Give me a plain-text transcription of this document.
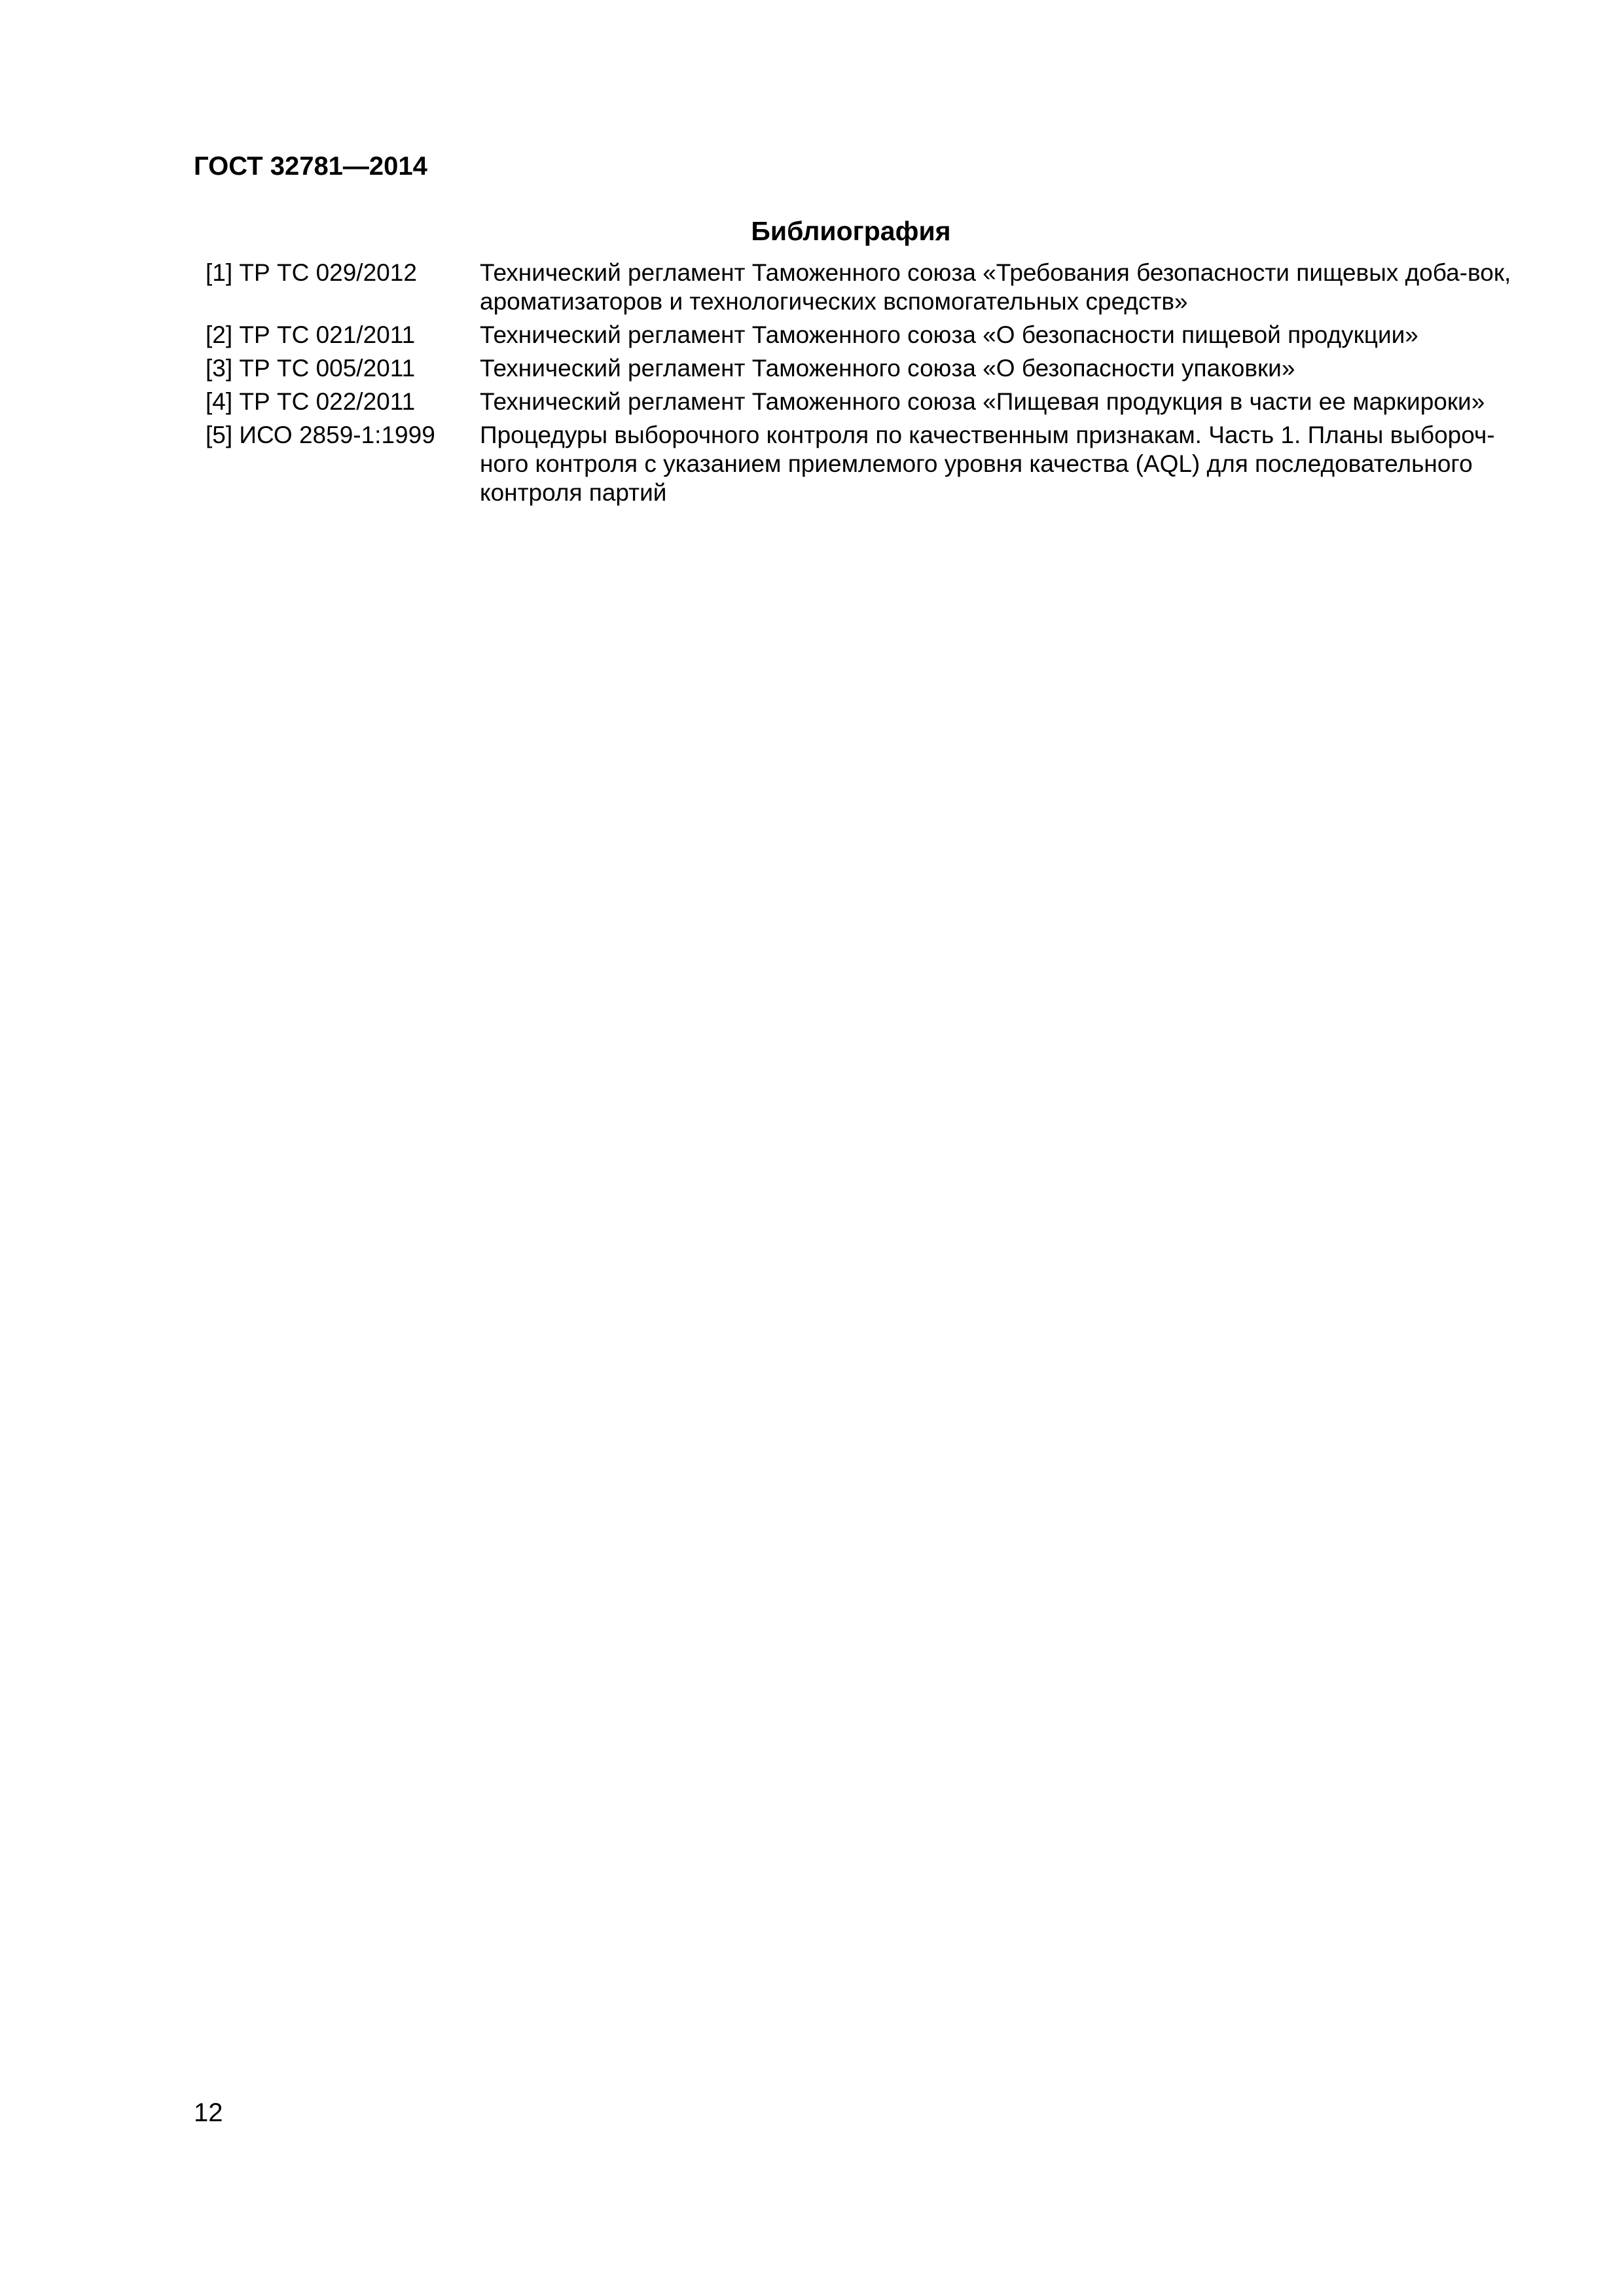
ГОСТ 32781—2014
Библиография
[1] ТР ТС 029/2012	Технический регламент Таможенного союза «Требования безопасности пищевых доба-вок, ароматизаторов и технологических вспомогательных средств»
[2] ТР ТС 021/2011	Технический регламент Таможенного союза «О безопасности пищевой продукции»
[3] ТР ТС 005/2011	Технический регламент Таможенного союза «О безопасности упаковки»
[4] ТР ТС 022/2011	Технический регламент Таможенного союза «Пищевая продукция в части ее маркироки»
[5] ИСО 2859-1:1999	Процедуры выборочного контроля по качественным признакам. Часть 1. Планы выбороч-ного контроля с указанием приемлемого уровня качества (AQL) для последовательного контроля партий
12
